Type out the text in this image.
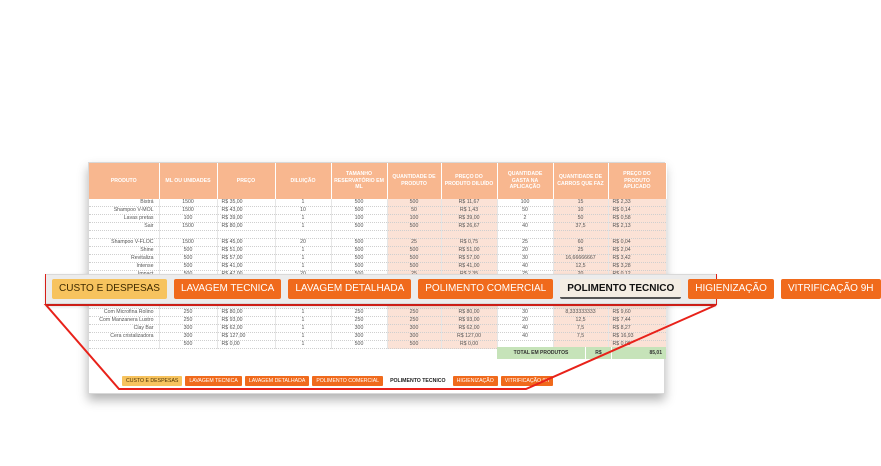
PRODUTO	ML OU UNIDADES	PREÇO	DILUIÇÃO	TAMANHO RESERVATÓRIO EM ML	QUANTIDADE DE PRODUTO	PREÇO DO PRODUTO DILUÍDO	QUANTIDADE GASTA NA APLICAÇÃO	QUANTIDADE DE CARROS QUE FAZ	PREÇO DO PRODUTO APLICADO
Bistrá	1500	R$ 35,00	1	500	500	R$ 11,67	100	15	R$ 2,33
Shampoo V-MOL	1500	R$ 43,00	10	500	50	R$ 1,43	50	10	R$ 0,14
Lavas pretas	100	R$ 39,00	1	100	100	R$ 39,00	2	50	R$ 0,58
Sair	1500	R$ 80,00	1	500	500	R$ 26,67	40	37,5	R$ 2,13

Shampoo V-FLOC	1500	R$ 45,00	20	500	25	R$ 0,75	25	60	R$ 0,04
Shine	500	R$ 51,00	1	500	500	R$ 51,00	20	25	R$ 2,04
Revitaliza	500	R$ 57,00	1	500	500	R$ 57,00	30	16,66666667	R$ 3,42
Intense	500	R$ 41,00	1	500	500	R$ 41,00	40	12,5	R$ 3,28

Com Microfina Rolino	250	R$ 80,00	1	250	250	R$ 80,00	30	8,333333333	R$ 9,60
Com Manzanera Lustro	250	R$ 93,00	1	250	250	R$ 93,00	20	12,5	R$ 7,44
Clay Bar	300	R$ 62,00	1	300	300	R$ 62,00	40	7,5	R$ 8,27
Cera cristalizadora	300	R$ 127,00	1	300	300	R$ 127,00	40	7,5	R$ 16,93
	500	R$ 0,00	1	500	500	R$ 0,00			R$ 0,00
TOTAL EM PRODUTOS	R$	85,01
CUSTO E DESPESAS	LAVAGEM TECNICA	LAVAGEM DETALHADA	POLIMENTO COMERCIAL	POLIMENTO TECNICO	HIGIENIZAÇÃO	VITRIFICAÇÃO 9H
CUSTO E DESPESAS	LAVAGEM TECNICA	LAVAGEM DETALHADA	POLIMENTO COMERCIAL	POLIMENTO TECNICO	HIGIENIZAÇÃO	VITRIFICAÇÃO 9H
